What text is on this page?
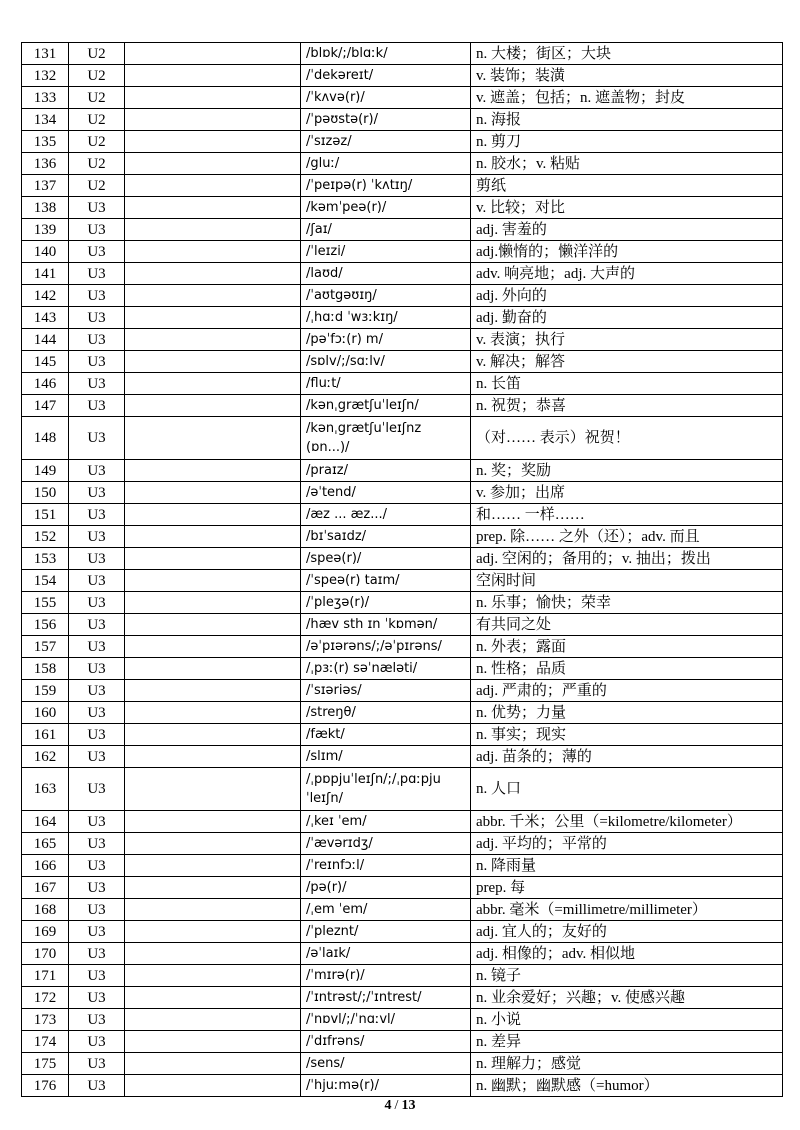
131	U2		/blɒk/;/blɑːk/	n. 大楼；街区；大块
132	U2		/ˈdekəreɪt/	v. 装饰；装潢
133	U2		/ˈkʌvə(r)/	v. 遮盖；包括；n. 遮盖物；封皮
134	U2		/ˈpəʊstə(r)/	n. 海报
135	U2		/ˈsɪzəz/	n. 剪刀
136	U2		/gluː/	n. 胶水；v. 粘贴
137	U2		/ˈpeɪpə(r) ˈkʌtɪŋ/	剪纸
138	U3		/kəmˈpeə(r)/	v. 比较；对比
139	U3		/ʃaɪ/	adj. 害羞的
140	U3		/ˈleɪzi/	adj.懒惰的；懒洋洋的
141	U3		/laʊd/	adv. 响亮地；adj. 大声的
142	U3		/ˈaʊtgəʊɪŋ/	adj. 外向的
143	U3		/ˌhɑːd ˈwɜːkɪŋ/	adj. 勤奋的
144	U3		/pəˈfɔː(r) m/	v. 表演；执行
145	U3		/sɒlv/;/sɑːlv/	v. 解决；解答
146	U3		/fluːt/	n. 长笛
147	U3		/kənˌgrætʃuˈleɪʃn/	n. 祝贺；恭喜
148	U3		/kənˌgrætʃuˈleɪʃnz (ɒn...)/	（对…… 表示）祝贺！
149	U3		/praɪz/	n. 奖；奖励
150	U3		/əˈtend/	v. 参加；出席
151	U3		/æz ... æz.../	和…… 一样……
152	U3		/bɪˈsaɪdz/	prep. 除…… 之外（还）；adv. 而且
153	U3		/speə(r)/	adj. 空闲的；备用的；v. 抽出；拨出
154	U3		/ˈspeə(r) taɪm/	空闲时间
155	U3		/ˈpleʒə(r)/	n. 乐事；愉快；荣幸
156	U3		/hæv sth ɪn ˈkɒmən/	有共同之处
157	U3		/əˈpɪərəns/;/əˈpɪrəns/	n. 外表；露面
158	U3		/ˌpɜː(r) səˈnæləti/	n. 性格；品质
159	U3		/ˈsɪəriəs/	adj. 严肃的；严重的
160	U3		/streŋθ/	n. 优势；力量
161	U3		/fækt/	n. 事实；现实
162	U3		/slɪm/	adj. 苗条的；薄的
163	U3		/ˌpɒpjuˈleɪʃn/;/ˌpɑːpjuˈleɪʃn/	n. 人口
164	U3		/ˌkeɪ ˈem/	abbr. 千米；公里（=kilometre/kilometer）
165	U3		/ˈævərɪdʒ/	adj. 平均的；平常的
166	U3		/ˈreɪnfɔːl/	n. 降雨量
167	U3		/pə(r)/	prep. 每
168	U3		/ˌem ˈem/	abbr. 毫米（=millimetre/millimeter）
169	U3		/ˈpleznt/	adj. 宜人的；友好的
170	U3		/əˈlaɪk/	adj. 相像的；adv. 相似地
171	U3		/ˈmɪrə(r)/	n. 镜子
172	U3		/ˈɪntrəst/;/ˈɪntrest/	n. 业余爱好；兴趣；v. 使感兴趣
173	U3		/ˈnɒvl/;/ˈnɑːvl/	n. 小说
174	U3		/ˈdɪfrəns/	n. 差异
175	U3		/sens/	n. 理解力；感觉
176	U3		/ˈhjuːmə(r)/	n. 幽默；幽默感（=humor）
4 / 13
